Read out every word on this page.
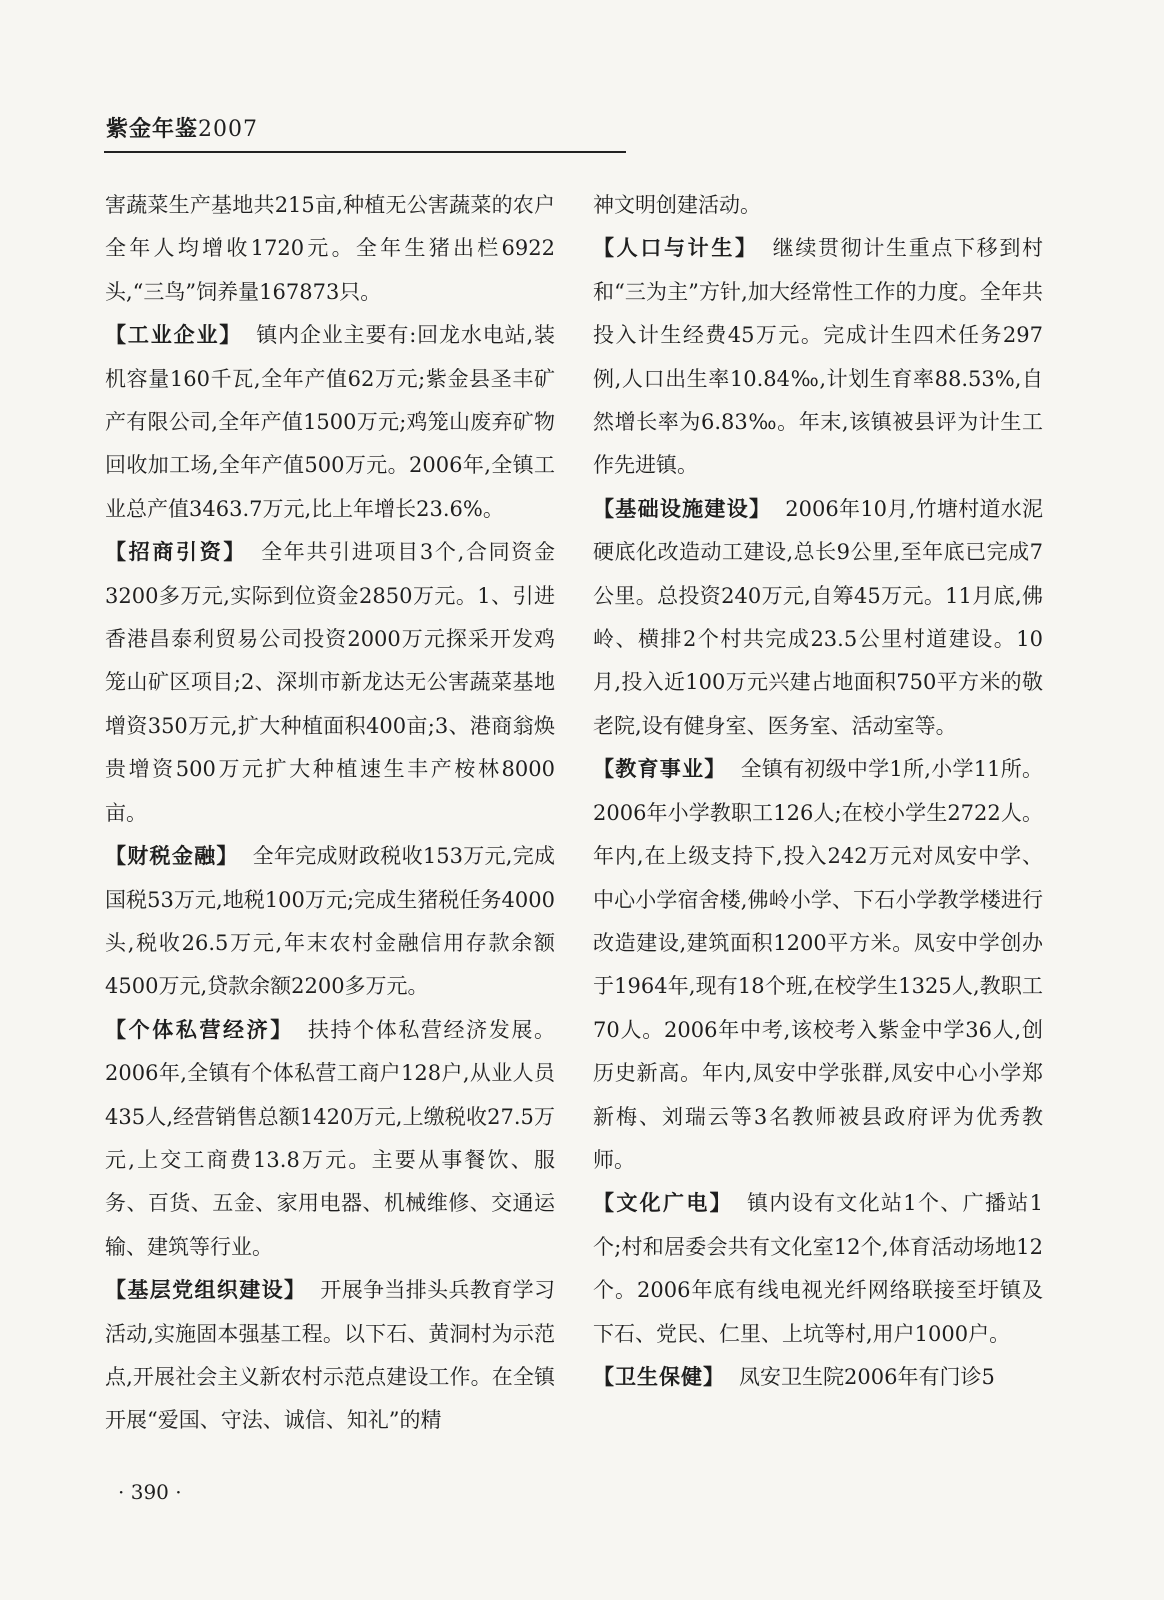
紫金年鉴2007

害蔬菜生产基地共215亩,种植无公害蔬菜的农户全年人均增收1720元。全年生猪出栏6922头,“三鸟”饲养量167873只。

【工业企业】 镇内企业主要有:回龙水电站,装机容量160千瓦,全年产值62万元;紫金县圣丰矿产有限公司,全年产值1500万元;鸡笼山废弃矿物回收加工场,全年产值500万元。2006年,全镇工业总产值3463.7万元,比上年增长23.6%。

【招商引资】 全年共引进项目3个,合同资金3200多万元,实际到位资金2850万元。1、引进香港昌泰利贸易公司投资2000万元探采开发鸡笼山矿区项目;2、深圳市新龙达无公害蔬菜基地增资350万元,扩大种植面积400亩;3、港商翁焕贵增资500万元扩大种植速生丰产桉林8000亩。

【财税金融】 全年完成财政税收153万元,完成国税53万元,地税100万元;完成生猪税任务4000头,税收26.5万元,年末农村金融信用存款余额4500万元,贷款余额2200多万元。

【个体私营经济】 扶持个体私营经济发展。2006年,全镇有个体私营工商户128户,从业人员435人,经营销售总额1420万元,上缴税收27.5万元,上交工商费13.8万元。主要从事餐饮、服务、百货、五金、家用电器、机械维修、交通运输、建筑等行业。

【基层党组织建设】 开展争当排头兵教育学习活动,实施固本强基工程。以下石、黄洞村为示范点,开展社会主义新农村示范点建设工作。在全镇开展“爱国、守法、诚信、知礼”的精

神文明创建活动。

【人口与计生】 继续贯彻计生重点下移到村和“三为主”方针,加大经常性工作的力度。全年共投入计生经费45万元。完成计生四术任务297例,人口出生率10.84‰,计划生育率88.53%,自然增长率为6.83‰。年末,该镇被县评为计生工作先进镇。

【基础设施建设】 2006年10月,竹塘村道水泥硬底化改造动工建设,总长9公里,至年底已完成7公里。总投资240万元,自筹45万元。11月底,佛岭、横排2个村共完成23.5公里村道建设。10月,投入近100万元兴建占地面积750平方米的敬老院,设有健身室、医务室、活动室等。

【教育事业】 全镇有初级中学1所,小学11所。2006年小学教职工126人;在校小学生2722人。年内,在上级支持下,投入242万元对凤安中学、中心小学宿舍楼,佛岭小学、下石小学教学楼进行改造建设,建筑面积1200平方米。凤安中学创办于1964年,现有18个班,在校学生1325人,教职工70人。2006年中考,该校考入紫金中学36人,创历史新高。年内,凤安中学张群,凤安中心小学郑新梅、刘瑞云等3名教师被县政府评为优秀教师。

【文化广电】 镇内设有文化站1个、广播站1个;村和居委会共有文化室12个,体育活动场地12个。2006年底有线电视光纤网络联接至圩镇及下石、党民、仁里、上坑等村,用户1000户。

【卫生保健】 凤安卫生院2006年有门诊5

· 390 ·
